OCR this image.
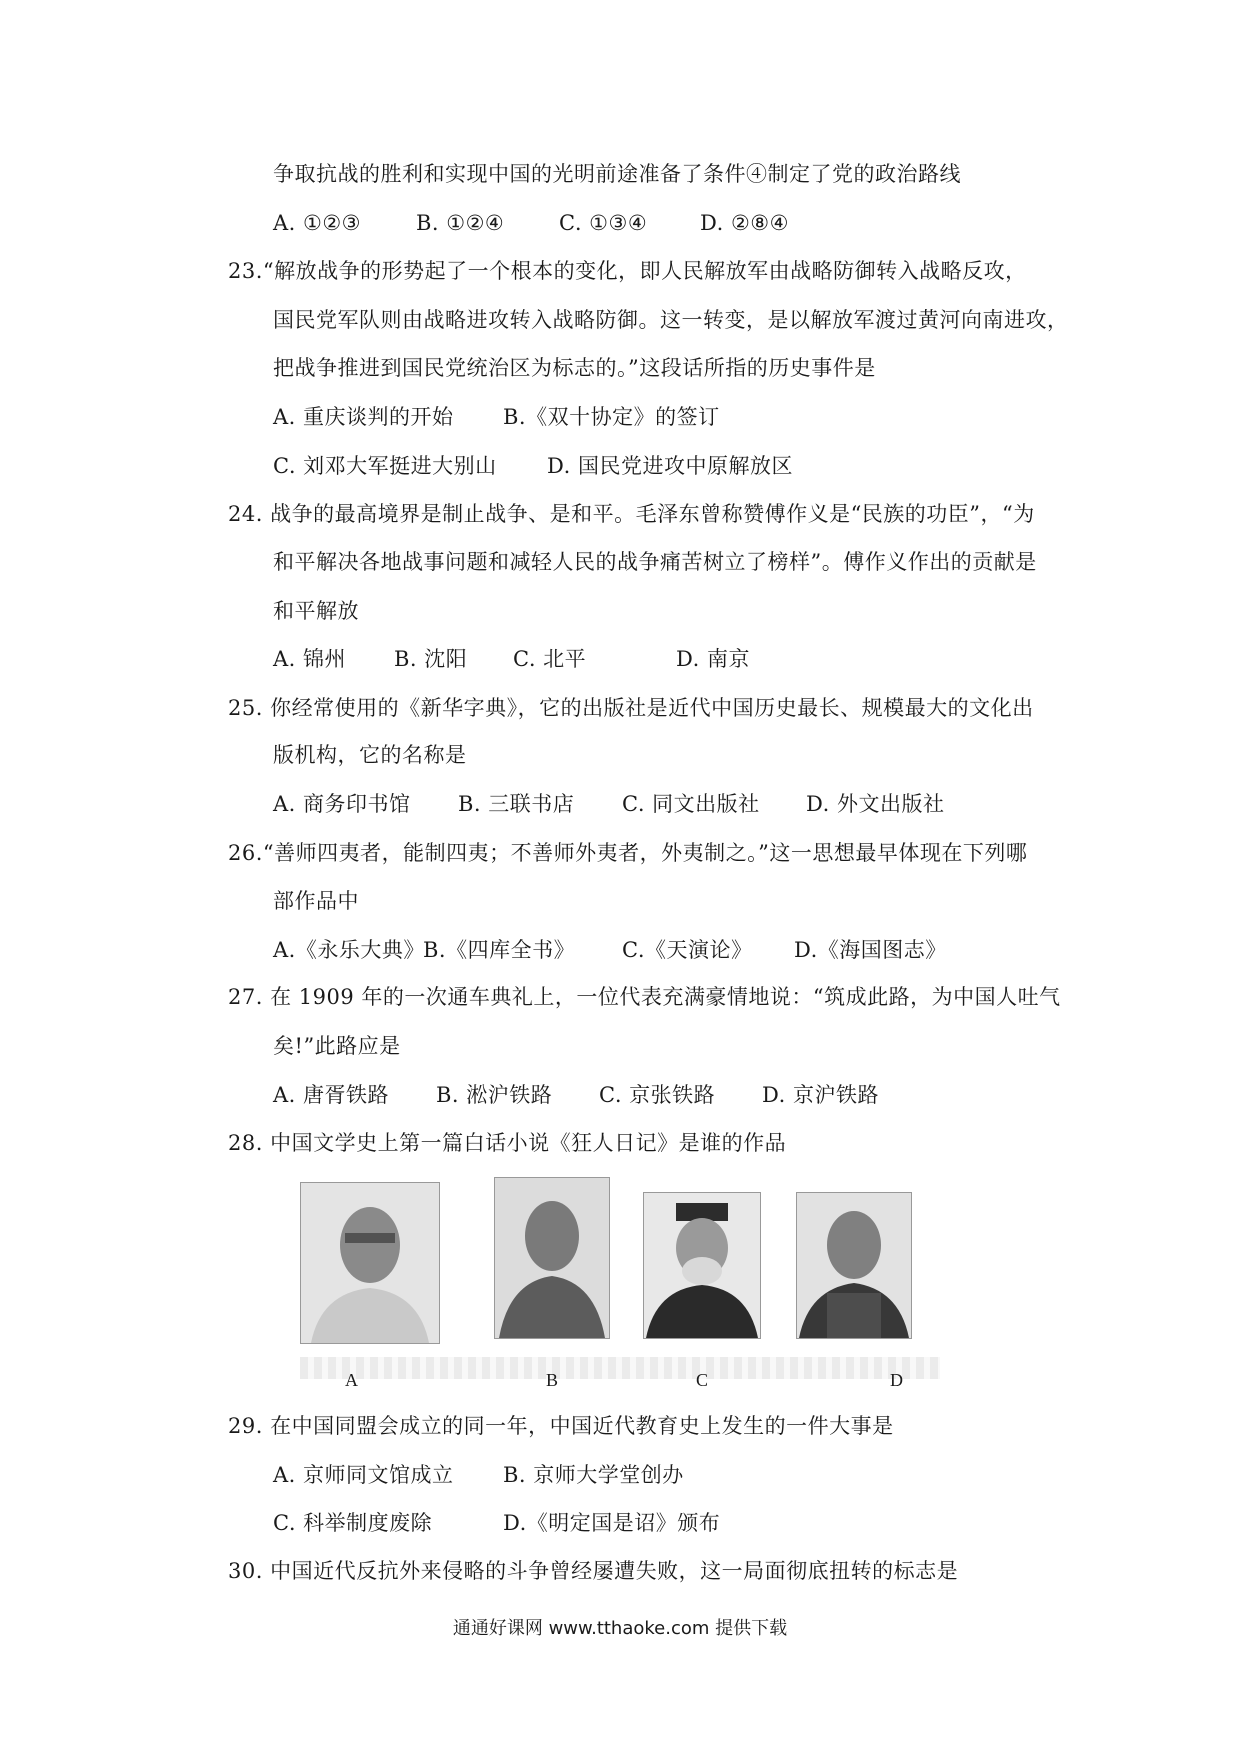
争取抗战的胜利和实现中国的光明前途准备了条件④制定了党的政治路线
A. ①②③	B. ①②④	C. ①③④	D. ②⑧④
23.“解放战争的形势起了一个根本的变化，即人民解放军由战略防御转入战略反攻，
国民党军队则由战略进攻转入战略防御。这一转变，是以解放军渡过黄河向南进攻，
把战争推进到国民党统治区为标志的。”这段话所指的历史事件是
A. 重庆谈判的开始 B.《双十协定》的签订
C. 刘邓大军挺进大别山 D. 国民党进攻中原解放区
24. 战争的最高境界是制止战争、是和平。毛泽东曾称赞傅作义是“民族的功臣”，“为
和平解决各地战事问题和减轻人民的战争痛苦树立了榜样”。傅作义作出的贡献是
和平解放
A. 锦州 B. 沈阳 C. 北平	D. 南京
25. 你经常使用的《新华字典》，它的出版社是近代中国历史最长、规模最大的文化出
版机构，它的名称是
A. 商务印书馆 B. 三联书店 C. 同文出版社 D. 外文出版社
26.“善师四夷者，能制四夷；不善师外夷者，外夷制之。”这一思想最早体现在下列哪
部作品中
A.《永乐大典》
B.《四库全书》 C.《天演论》 D.《海国图志》
27. 在 1909 年的一次通车典礼上，一位代表充满豪情地说：“筑成此路，为中国人吐气
矣!”此路应是
A. 唐胥铁路 B. 淞沪铁路 C. 京张铁路 D. 京沪铁路
28. 中国文学史上第一篇白话小说《狂人日记》是谁的作品
A	B	C	D
29. 在中国同盟会成立的同一年，中国近代教育史上发生的一件大事是
A. 京师同文馆成立 B. 京师大学堂创办
C. 科举制度废除	D.《明定国是诏》颁布
30. 中国近代反抗外来侵略的斗争曾经屡遭失败，这一局面彻底扭转的标志是
通通好课网 www.tthaoke.com 提供下载
